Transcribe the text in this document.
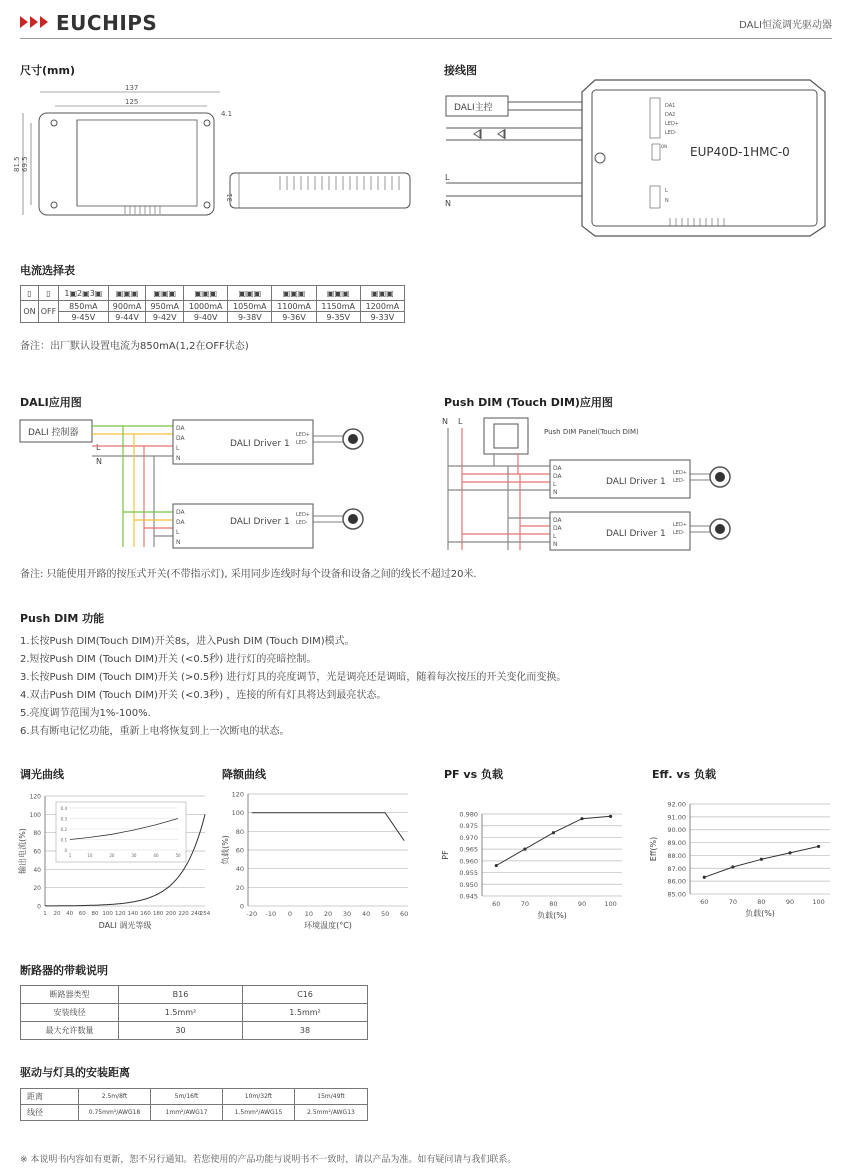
EUCHIPS	DALI恒流调光驱动器
尺寸(mm)
137
125
4.1
81.5 69.5
31
接线图
DALI主控
L
N
DA1
DA2
LED+
LED-
ON EUP40D-1HMC-0
L
N
电流选择表
▯	▯	1▣2▣3▣	▣▣▣	▣▣▣	▣▣▣	▣▣▣	▣▣▣	▣▣▣	▣▣▣
ON	OFF	850mA	900mA	950mA	1000mA	1050mA	1100mA	1150mA	1200mA
		9-45V	9-44V	9-42V	9-40V	9-38V	9-36V	9-35V	9-33V
备注：出厂默认设置电流为850mA(1,2在OFF状态)
DALI应用图
DALI 控制器
L
N
DA
DA
L
N
DALI Driver 1
LED+
LED-
DA
DA
L
N
DALI Driver 1
LED+
LED-
Push DIM (Touch DIM)应用图
N L
Push DIM Panel(Touch DIM)
DA
DA
L
N
DALI Driver 1
LED+
LED-
DA
DA
L
N
DALI Driver 1
LED+
LED-
备注: 只能使用开路的按压式开关(不带指示灯), 采用同步连线时每个设备和设备之间的线长不超过20米.
Push DIM 功能
1.长按Push DIM(Touch DIM)开关8s，进入Push DIM (Touch DIM)模式。
2.短按Push DIM (Touch DIM)开关 (<0.5秒) 进行灯的亮暗控制。
3.长按Push DIM (Touch DIM)开关 (>0.5秒) 进行灯具的亮度调节，光是调亮还是调暗，随着每次按压的开关变化而变换。
4.双击Push DIM (Touch DIM)开关 (<0.3秒) ，连接的所有灯具将达到最亮状态。
5.亮度调节范围为1%-100%.
6.具有断电记忆功能，重新上电将恢复到上一次断电的状态。
调光曲线	降额曲线	PF vs 负载	Eff. vs 负载
0
20
40
60
80
100
120
1 20 40 60 80 100 120 140 160 180 200 220 240
254
DALI 调光等级
输出电流(%)	0
0.1
0.2
0.3
0.4
1	10	20	30	40	50
0
20
40
60
80
100
120
-20 -10 0 10 20 30 40 50 60
环境温度(°C)
负载(%)
0.945
0.950
0.955
0.960
0.965
0.970
0.975
0.980
60	70	80	90	100
负载(%)
PF
85.00
86.00
87.00
88.00
89.00
90.00
91.00
92.00
60	70	80	90	100
负载(%)
Eff(%)
断路器的带载说明
断路器类型	B16	C16
安装线径	1.5mm²	1.5mm²
最大允许数量	30	38
驱动与灯具的安装距离
距离	2.5m/8ft	5m/16ft	10m/32ft	15m/49ft
线径	0.75mm²/AWG18	1mm²/AWG17	1.5mm²/AWG15	2.5mm²/AWG13
※ 本说明书内容如有更新，恕不另行通知。若您使用的产品功能与说明书不一致时，请以产品为准。如有疑问请与我们联系。
